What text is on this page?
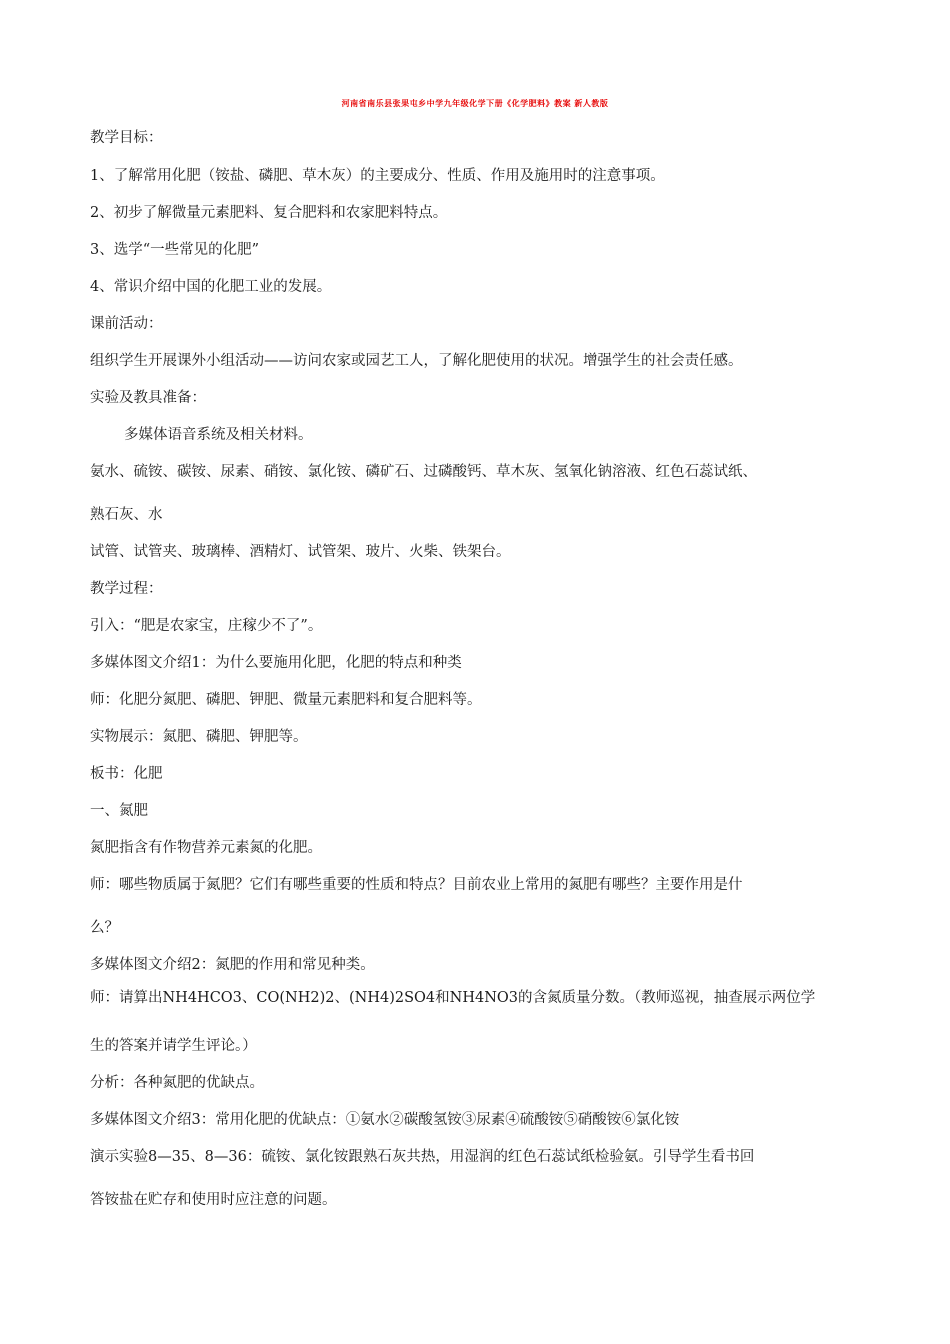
河南省南乐县张果屯乡中学九年级化学下册《化学肥料》教案 新人教版
教学目标：
1、了解常用化肥（铵盐、磷肥、草木灰）的主要成分、性质、作用及施用时的注意事项。
2、初步了解微量元素肥料、复合肥料和农家肥料特点。
3、选学“一些常见的化肥”
4、常识介绍中国的化肥工业的发展。
课前活动：
组织学生开展课外小组活动——访问农家或园艺工人，了解化肥使用的状况。增强学生的社会责任感。
实验及教具准备：
多媒体语音系统及相关材料。
氨水、硫铵、碳铵、尿素、硝铵、氯化铵、磷矿石、过磷酸钙、草木灰、氢氧化钠溶液、红色石蕊试纸、
熟石灰、水
试管、试管夹、玻璃棒、酒精灯、试管架、玻片、火柴、铁架台。
教学过程：
引入：“肥是农家宝，庄稼少不了”。
多媒体图文介绍1：为什么要施用化肥，化肥的特点和种类
师：化肥分氮肥、磷肥、钾肥、微量元素肥料和复合肥料等。
实物展示：氮肥、磷肥、钾肥等。
板书：化肥
一、氮肥
氮肥指含有作物营养元素氮的化肥。
师：哪些物质属于氮肥？它们有哪些重要的性质和特点？目前农业上常用的氮肥有哪些？主要作用是什
么？
多媒体图文介绍2：氮肥的作用和常见种类。
师：请算出NH4HCO3、CO(NH2)2、(NH4)2SO4和NH4NO3的含氮质量分数。（教师巡视，抽查展示两位学
生的答案并请学生评论。）
分析：各种氮肥的优缺点。
多媒体图文介绍3：常用化肥的优缺点：①氨水②碳酸氢铵③尿素④硫酸铵⑤硝酸铵⑥氯化铵
演示实验8—35、8—36：硫铵、氯化铵跟熟石灰共热，用湿润的红色石蕊试纸检验氨。引导学生看书回
答铵盐在贮存和使用时应注意的问题。
